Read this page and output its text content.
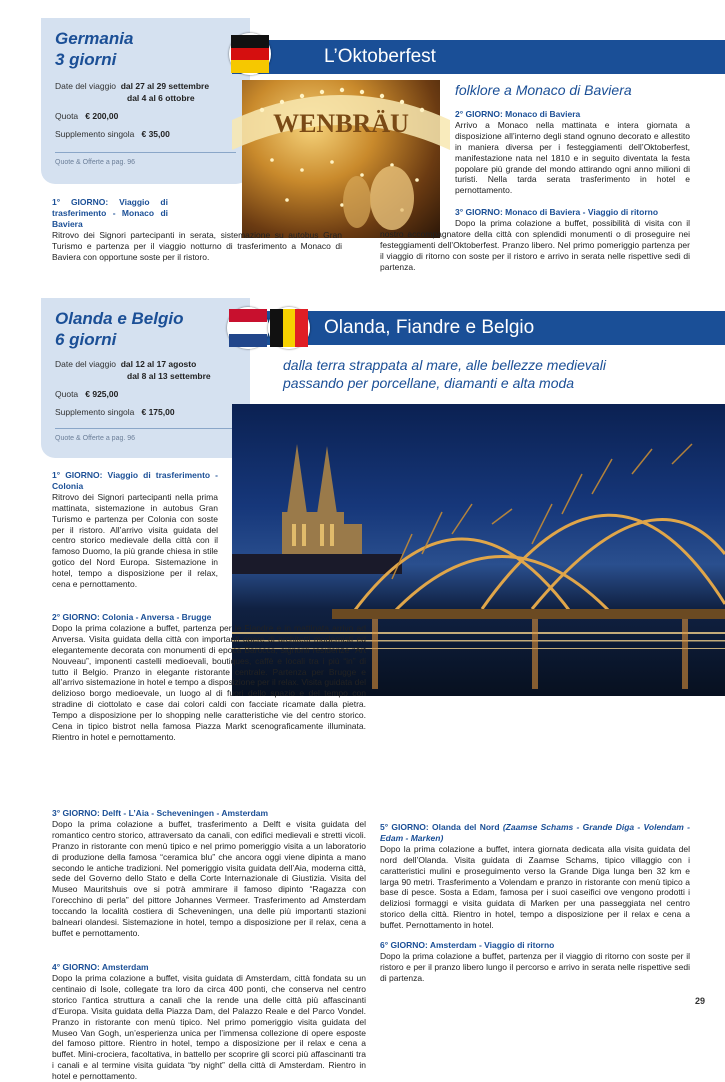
Germania
3 giorni
Date del viaggio dal 27 al 29 settembre
dal 4 al 6 ottobre
Quota € 200,00
Supplemento singola € 35,00
Quote & Offerte a pag. 96
L’Oktoberfest
WENBRÄU
folklore a Monaco di Baviera
2° GIORNO: Monaco di Baviera
Arrivo a Monaco nella mattinata e intera giornata a disposizione all’interno degli stand ognuno decorato e allestito in maniera diversa per i festeggiamenti dell’Oktoberfest, manifestazione nata nel 1810 e in seguito diventata la festa popolare più grande del mondo attirando ogni anno milioni di turisti. Nella tarda serata trasferimento in hotel e pernottamento.
1° GIORNO: Viaggio di trasferimento - Monaco di Baviera
Ritrovo dei Signori partecipanti in serata, sistemazione su autobus Gran Turismo e partenza per il viaggio notturno di trasferimento a Monaco di Baviera con opportune soste per il ristoro.
3° GIORNO: Monaco di Baviera - Viaggio di ritorno
Dopo la prima colazione a buffet, possibilità di visita con il nostro accompagnatore della città con splendidi monumenti o di proseguire nei festeggiamenti dell’Oktoberfest. Pranzo libero. Nel primo pomeriggio partenza per il viaggio di ritorno con soste per il ristoro e arrivo in serata nelle rispettive sedi di partenza.
Olanda e Belgio
6 giorni
Date del viaggio dal 12 al 17 agosto
dal 8 al 13 settembre
Quota € 925,00
Supplemento singola € 175,00
Quote & Offerte a pag. 96
Olanda, Fiandre e Belgio
dalla terra strappata al mare, alle bellezze medievali
passando per porcellane, diamanti e alta moda
1° GIORNO: Viaggio di trasferimento - Colonia
Ritrovo dei Signori partecipanti nella prima mattinata, sistemazione in autobus Gran Turismo e partenza per Colonia con soste per il ristoro. All’arrivo visita guidata del centro storico medievale della città con il famoso Duomo, la più grande chiesa in stile gotico del Nord Europa. Sistemazione in hotel, tempo a disposizione per il relax, cena e pernottamento.
2° GIORNO: Colonia - Anversa - Brugge
Dopo la prima colazione a buffet, partenza per le Fiandre e in mattinata arrivo ad Anversa. Visita guidata della città con importanti opere di architetti modernisti ed elegantemente decorata con monumenti di epoca Barocca, signorili residenze “Art Nouveau”, imponenti castelli medioevali, boutiques, caffè e locali tra i più “in” di tutto il Belgio. Pranzo in elegante ristorante centrale. Partenza per Brugge e all’arrivo sistemazione in hotel e tempo a disposizione per il relax. Visita guidata del delizioso borgo medioevale, un luogo al di fuori dello spazio e del tempo con stradine di ciottolato e case dai colori caldi con facciate ricamate dalla pietra. Tempo a disposizione per lo shopping nelle caratteristiche vie del centro storico. Cena in tipico bistrot nella famosa Piazza Markt scenograficamente illuminata. Rientro in hotel e pernottamento.
3° GIORNO: Delft - L’Aia - Scheveningen - Amsterdam
Dopo la prima colazione a buffet, trasferimento a Delft e visita guidata del romantico centro storico, attraversato da canali, con edifici medievali e stretti vicoli. Pranzo in ristorante con menù tipico e nel primo pomeriggio visita a un laboratorio di produzione della famosa “ceramica blu” che ancora oggi viene dipinta a mano secondo le antiche tradizioni. Nel pomeriggio visita guidata dell’Aia, moderna città, sede del Governo dello Stato e della Corte Internazionale di Giustizia. Visita del Museo Mauritshuis ove si potrà ammirare il famoso dipinto “Ragazza con l’orecchino di perla” del pittore Johannes Vermeer. Trasferimento ad Amsterdam toccando la località costiera di Scheveningen, una delle più importanti stazioni balneari olandesi. Sistemazione in hotel, tempo a disposizione per il relax, cena a buffet e pernottamento.
4° GIORNO: Amsterdam
Dopo la prima colazione a buffet, visita guidata di Amsterdam, città fondata su un centinaio di Isole, collegate tra loro da circa 400 ponti, che conserva nel centro storico l’antica struttura a canali che la rende una delle città più affascinanti d’Europa. Visita guidata della Piazza Dam, del Palazzo Reale e del Parco Vondel. Pranzo in ristorante con menù tipico. Nel primo pomeriggio visita guidata del Museo Van Gogh, un’esperienza unica per l’immensa collezione di opere esposte del famoso pittore. Rientro in hotel, tempo a disposizione per il relax e cena a buffet. Mini-crociera, facoltativa, in battello per scoprire gli scorci più affascinanti tra i canali e al termine visita guidata “by night” della città di Amsterdam. Rientro in hotel e pernottamento.
5° GIORNO: Olanda del Nord (Zaamse Schams - Grande Diga - Volendam - Edam - Marken)
Dopo la prima colazione a buffet, intera giornata dedicata alla visita guidata del nord dell’Olanda. Visita guidata di Zaamse Schams, tipico villaggio con i caratteristici mulini e proseguimento verso la Grande Diga lunga ben 32 km e larga 90 metri. Trasferimento a Volendam e pranzo in ristorante con menù tipico a base di pesce. Sosta a Edam, famosa per i suoi caseifici ove vengono prodotti i deliziosi formaggi e visita guidata di Marken per una passeggiata nel centro storico della città. Rientro in hotel, tempo a disposizione per il relax e cena a buffet. Pernottamento in hotel.
6° GIORNO: Amsterdam - Viaggio di ritorno
Dopo la prima colazione a buffet, partenza per il viaggio di ritorno con soste per il ristoro e per il pranzo libero lungo il percorso e arrivo in serata nelle rispettive sedi di partenza.
29
